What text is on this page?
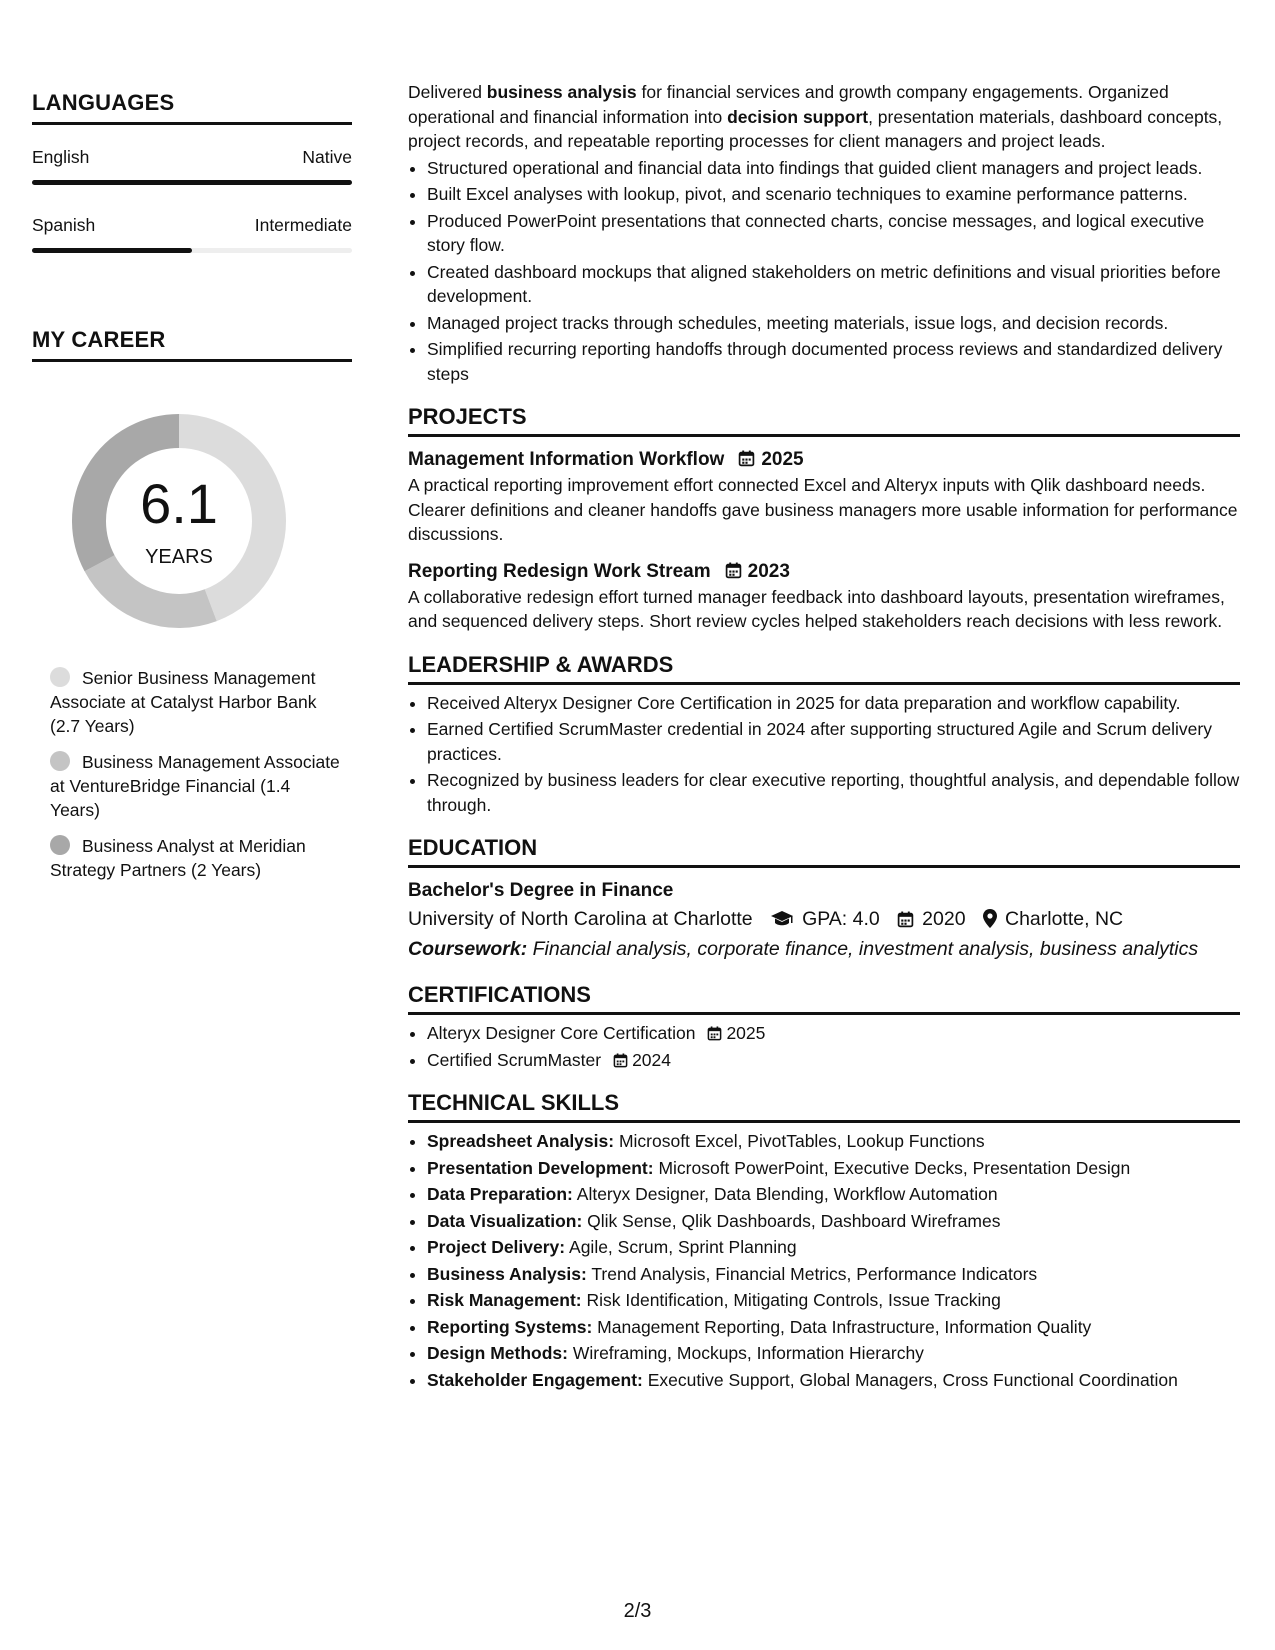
LANGUAGES
English	Native
Spanish	Intermediate
MY CAREER
6.1
YEARS
Senior Business Management Associate at Catalyst Harbor Bank (2.7 Years)
Business Management Associate at VentureBridge Financial (1.4 Years)
Business Analyst at Meridian Strategy Partners (2 Years)

Delivered business analysis for financial services and growth company engagements. Organized operational and financial information into decision support, presentation materials, dashboard concepts, project records, and repeatable reporting processes for client managers and project leads.

• Structured operational and financial data into findings that guided client managers and project leads.
• Built Excel analyses with lookup, pivot, and scenario techniques to examine performance patterns.
• Produced PowerPoint presentations that connected charts, concise messages, and logical executive story flow.
• Created dashboard mockups that aligned stakeholders on metric definitions and visual priorities before development.
• Managed project tracks through schedules, meeting materials, issue logs, and decision records.
• Simplified recurring reporting handoffs through documented process reviews and standardized delivery steps
PROJECTS
Management Information Workflow 2025

A practical reporting improvement effort connected Excel and Alteryx inputs with Qlik dashboard needs. Clearer definitions and cleaner handoffs gave business managers more usable information for performance discussions.

Reporting Redesign Work Stream 2023

A collaborative redesign effort turned manager feedback into dashboard layouts, presentation wireframes, and sequenced delivery steps. Short review cycles helped stakeholders reach decisions with less rework.

LEADERSHIP & AWARDS
• Received Alteryx Designer Core Certification in 2025 for data preparation and workflow capability.
• Earned Certified ScrumMaster credential in 2024 after supporting structured Agile and Scrum delivery practices.
• Recognized by business leaders for clear executive reporting, thoughtful analysis, and dependable follow through.
EDUCATION
Bachelor's Degree in Finance
University of North Carolina at Charlotte	GPA: 4.0 2020 Charlotte, NC
Coursework: Financial analysis, corporate finance, investment analysis, business analytics
CERTIFICATIONS
• Alteryx Designer Core Certification 2025
• Certified ScrumMaster 2024
TECHNICAL SKILLS
• Spreadsheet Analysis: Microsoft Excel, PivotTables, Lookup Functions
• Presentation Development: Microsoft PowerPoint, Executive Decks, Presentation Design
• Data Preparation: Alteryx Designer, Data Blending, Workflow Automation
• Data Visualization: Qlik Sense, Qlik Dashboards, Dashboard Wireframes
• Project Delivery: Agile, Scrum, Sprint Planning
• Business Analysis: Trend Analysis, Financial Metrics, Performance Indicators
• Risk Management: Risk Identification, Mitigating Controls, Issue Tracking
• Reporting Systems: Management Reporting, Data Infrastructure, Information Quality
• Design Methods: Wireframing, Mockups, Information Hierarchy
• Stakeholder Engagement: Executive Support, Global Managers, Cross Functional Coordination
2/3
